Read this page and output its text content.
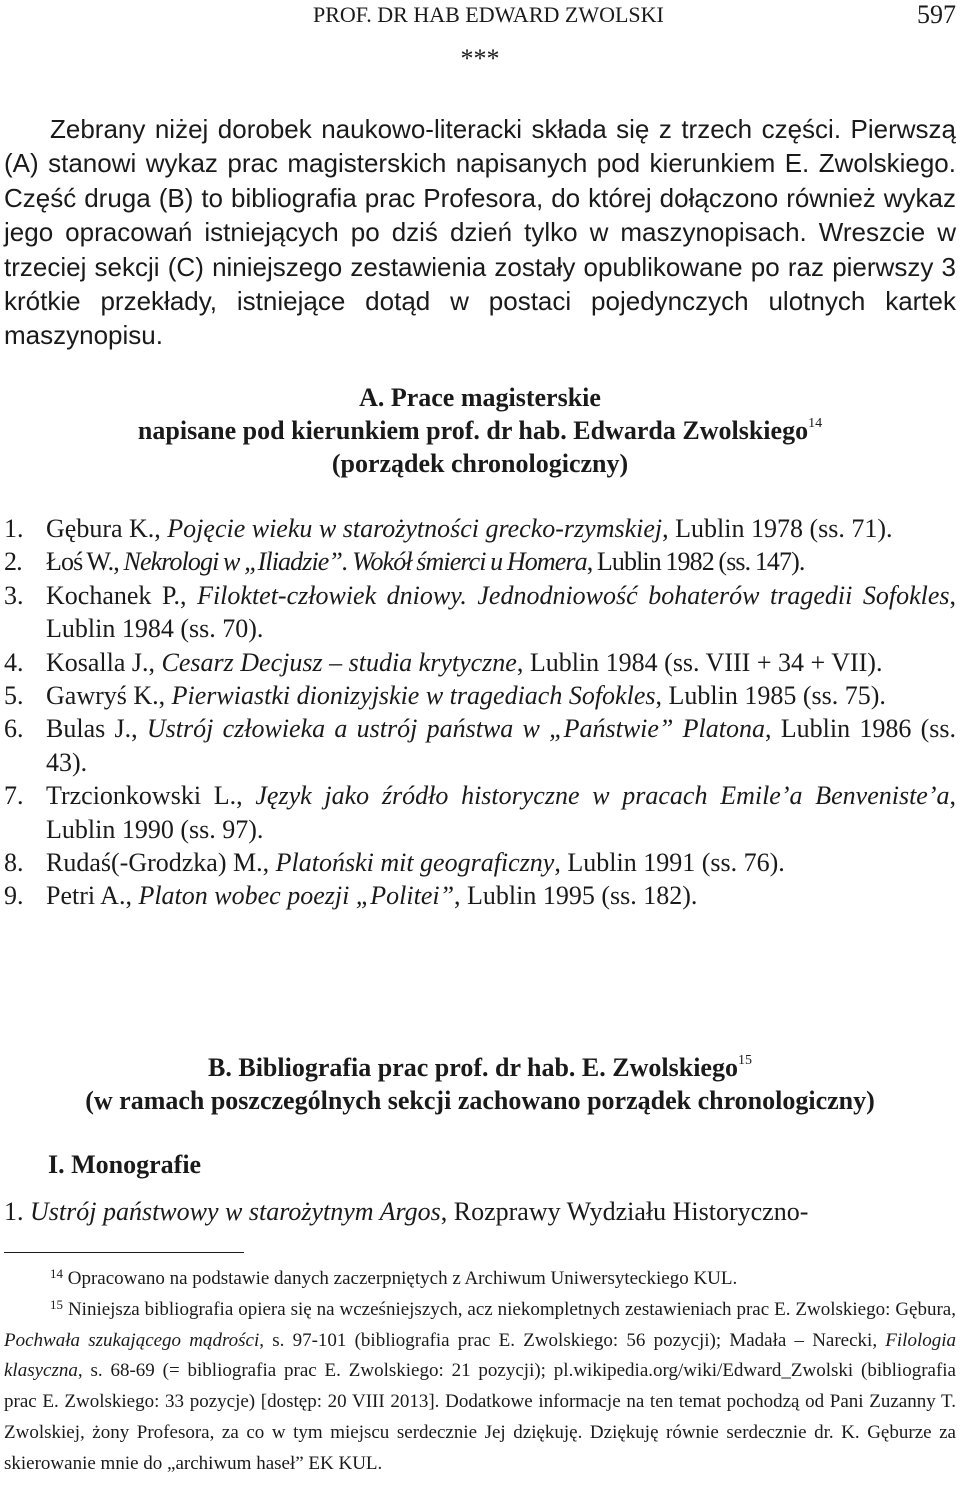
PROF. DR HAB EDWARD ZWOLSKI	597
***

Zebrany niżej dorobek naukowo-literacki składa się z trzech części. Pierwszą (A) stanowi wykaz prac magisterskich napisanych pod kierunkiem E. Zwolskiego. Część druga (B) to bibliografia prac Profesora, do której dołączono również wykaz jego opracowań istniejących po dziś dzień tylko w maszynopisach. Wreszcie w trzeciej sekcji (C) niniejszego zestawienia zostały opublikowane po raz pierwszy 3 krótkie przekłady, istniejące dotąd w postaci pojedynczych ulotnych kartek maszynopisu.

A. Prace magisterskie
napisane pod kierunkiem prof. dr hab. Edwarda Zwolskiego$^{14}$
(porządek chronologiczny)
1. Gębura K., Pojęcie wieku w starożytności grecko-rzymskiej, Lublin 1978 (ss. 71).
2. Łoś W., Nekrologi w „Iliadzie”. Wokół śmierci u Homera, Lublin 1982 (ss. 147).
3. Kochanek P., Filoktet-człowiek dniowy. Jednodniowość bohaterów tragedii Sofokles, Lublin 1984 (ss. 70).
4. Kosalla J., Cesarz Decjusz – studia krytyczne, Lublin 1984 (ss. VIII + 34 + VII).
5. Gawryś K., Pierwiastki dionizyjskie w tragediach Sofokles, Lublin 1985 (ss. 75).
6. Bulas J., Ustrój człowieka a ustrój państwa w „Państwie” Platona, Lublin 1986 (ss. 43).
7. Trzcionkowski L., Język jako źródło historyczne w pracach Emile’a Benveniste’a, Lublin 1990 (ss. 97).
8. Rudaś(-Grodzka) M., Platoński mit geograficzny, Lublin 1991 (ss. 76).
9. Petri A., Platon wobec poezji „Politei”, Lublin 1995 (ss. 182).
B. Bibliografia prac prof. dr hab. E. Zwolskiego$^{15}$
(w ramach poszczególnych sekcji zachowano porządek chronologiczny)
I. Monografie
1. Ustrój państwowy w starożytnym Argos, Rozprawy Wydziału Historyczno-

$^{14}$ Opracowano na podstawie danych zaczerpniętych z Archiwum Uniwersyteckiego KUL.

$^{15}$ Niniejsza bibliografia opiera się na wcześniejszych, acz niekompletnych zestawieniach prac E. Zwolskiego: Gębura, Pochwała szukającego mądrości, s. 97-101 (bibliografia prac E. Zwolskiego: 56 pozycji); Madała – Narecki, Filologia klasyczna, s. 68-69 (= bibliografia prac E. Zwolskiego: 21 pozycji); pl.wikipedia.org/wiki/Edward_Zwolski (bibliografia prac E. Zwolskiego: 33 pozycje) [dostęp: 20 VIII 2013]. Dodatkowe informacje na ten temat pochodzą od Pani Zuzanny T. Zwolskiej, żony Profesora, za co w tym miejscu serdecznie Jej dziękuję. Dziękuję równie serdecznie dr. K. Gęburze za skierowanie mnie do „archiwum haseł” EK KUL.
